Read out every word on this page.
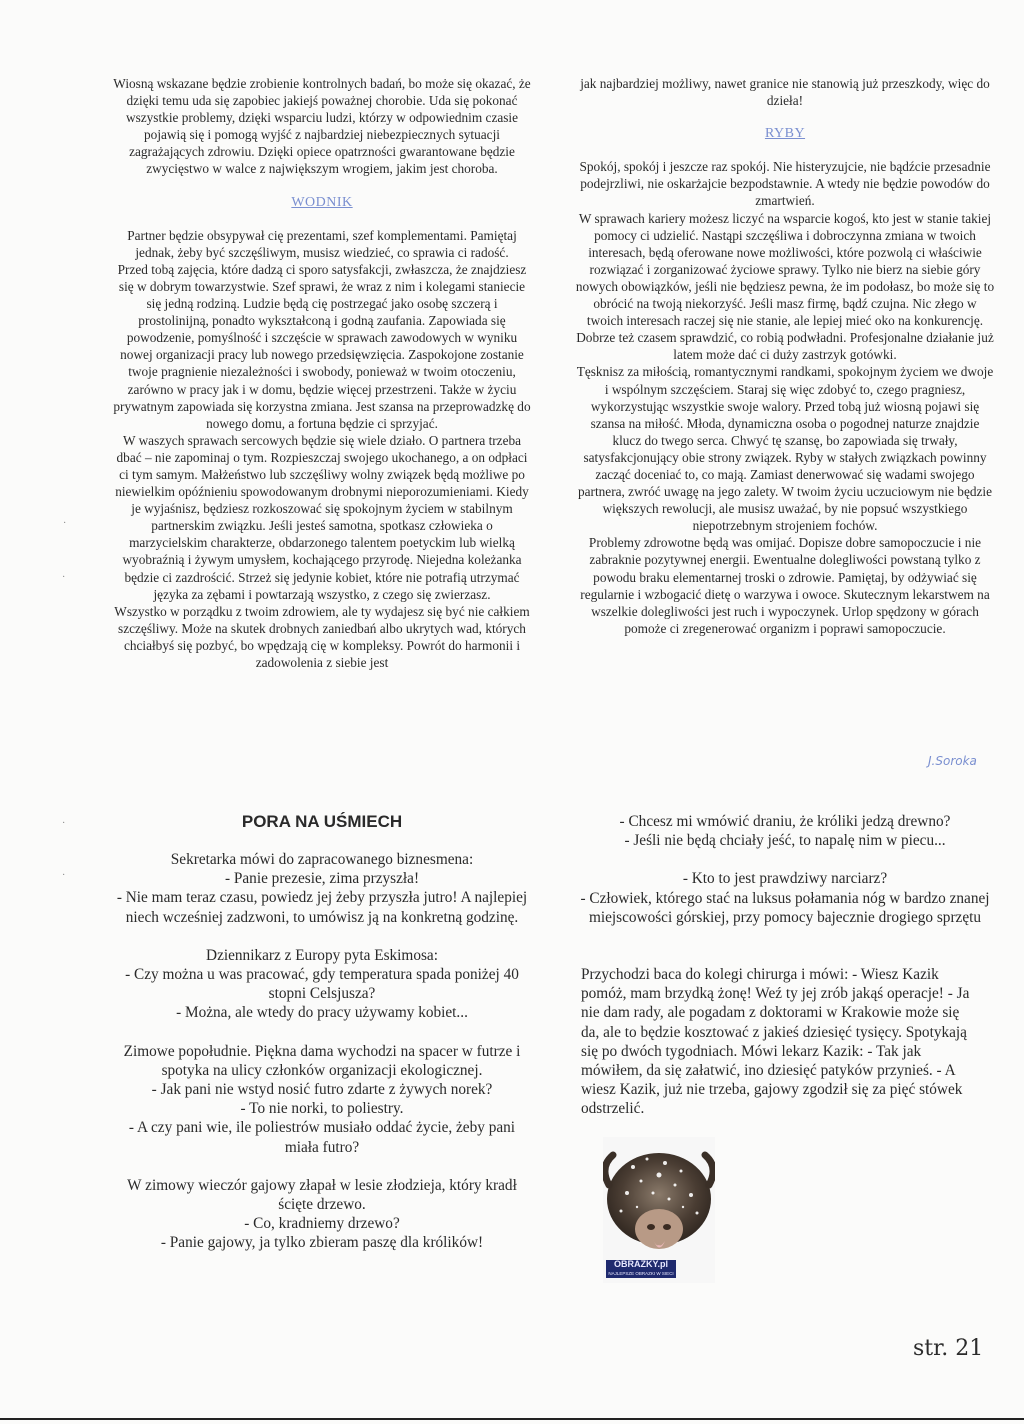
Wiosną wskazane będzie zrobienie kontrolnych badań, bo może się okazać, że dzięki temu uda się zapobiec jakiejś poważnej chorobie. Uda się pokonać wszystkie problemy, dzięki wsparciu ludzi, którzy w odpowiednim czasie pojawią się i pomogą wyjść z najbardziej niebezpiecznych sytuacji zagrażających zdrowiu. Dzięki opiece opatrzności gwarantowane będzie zwycięstwo w walce z największym wrogiem, jakim jest choroba.

WODNIK

Partner będzie obsypywał cię prezentami, szef komplementami. Pamiętaj jednak, żeby być szczęśliwym, musisz wiedzieć, co sprawia ci radość.

Przed tobą zajęcia, które dadzą ci sporo satysfakcji, zwłaszcza, że znajdziesz się w dobrym towarzystwie. Szef sprawi, że wraz z nim i kolegami staniecie się jedną rodziną. Ludzie będą cię postrzegać jako osobę szczerą i prostolinijną, ponadto wykształconą i godną zaufania. Zapowiada się powodzenie, pomyślność i szczęście w sprawach zawodowych w wyniku nowej organizacji pracy lub nowego przedsięwzięcia. Zaspokojone zostanie twoje pragnienie niezależności i swobody, ponieważ w twoim otoczeniu, zarówno w pracy jak i w domu, będzie więcej przestrzeni. Także w życiu prywatnym zapowiada się korzystna zmiana. Jest szansa na przeprowadzkę do nowego domu, a fortuna będzie ci sprzyjać.

W waszych sprawach sercowych będzie się wiele działo. O partnera trzeba dbać – nie zapominaj o tym. Rozpieszczaj swojego ukochanego, a on odpłaci ci tym samym. Małżeństwo lub szczęśliwy wolny związek będą możliwe po niewielkim opóźnieniu spowodowanym drobnymi nieporozumieniami. Kiedy je wyjaśnisz, będziesz rozkoszować się spokojnym życiem w stabilnym partnerskim związku. Jeśli jesteś samotna, spotkasz człowieka o marzycielskim charakterze, obdarzonego talentem poetyckim lub wielką wyobraźnią i żywym umysłem, kochającego przyrodę. Niejedna koleżanka będzie ci zazdrościć. Strzeż się jedynie kobiet, które nie potrafią utrzymać języka za zębami i powtarzają wszystko, z czego się zwierzasz.

Wszystko w porządku z twoim zdrowiem, ale ty wydajesz się być nie całkiem szczęśliwy. Może na skutek drobnych zaniedbań albo ukrytych wad, których chciałbyś się pozbyć, bo wpędzają cię w kompleksy. Powrót do harmonii i zadowolenia z siebie jest

jak najbardziej możliwy, nawet granice nie stanowią już przeszkody, więc do dzieła!

RYBY

Spokój, spokój i jeszcze raz spokój. Nie histeryzujcie, nie bądźcie przesadnie podejrzliwi, nie oskarżajcie bezpodstawnie. A wtedy nie będzie powodów do zmartwień.

W sprawach kariery możesz liczyć na wsparcie kogoś, kto jest w stanie takiej pomocy ci udzielić. Nastąpi szczęśliwa i dobroczynna zmiana w twoich interesach, będą oferowane nowe możliwości, które pozwolą ci właściwie rozwiązać i zorganizować życiowe sprawy. Tylko nie bierz na siebie góry nowych obowiązków, jeśli nie będziesz pewna, że im podołasz, bo może się to obrócić na twoją niekorzyść. Jeśli masz firmę, bądź czujna. Nic złego w twoich interesach raczej się nie stanie, ale lepiej mieć oko na konkurencję. Dobrze też czasem sprawdzić, co robią podwładni. Profesjonalne działanie już latem może dać ci duży zastrzyk gotówki.

Tęsknisz za miłością, romantycznymi randkami, spokojnym życiem we dwoje i wspólnym szczęściem. Staraj się więc zdobyć to, czego pragniesz, wykorzystując wszystkie swoje walory. Przed tobą już wiosną pojawi się szansa na miłość. Młoda, dynamiczna osoba o pogodnej naturze znajdzie klucz do twego serca. Chwyć tę szansę, bo zapowiada się trwały, satysfakcjonujący obie strony związek. Ryby w stałych związkach powinny zacząć doceniać to, co mają. Zamiast denerwować się wadami swojego partnera, zwróć uwagę na jego zalety. W twoim życiu uczuciowym nie będzie większych rewolucji, ale musisz uważać, by nie popsuć wszystkiego niepotrzebnym strojeniem fochów.

Problemy zdrowotne będą was omijać. Dopisze dobre samopoczucie i nie zabraknie pozytywnej energii. Ewentualne dolegliwości powstaną tylko z powodu braku elementarnej troski o zdrowie. Pamiętaj, by odżywiać się regularnie i wzbogacić dietę o warzywa i owoce. Skutecznym lekarstwem na wszelkie dolegliwości jest ruch i wypoczynek. Urlop spędzony w górach pomoże ci zregenerować organizm i poprawi samopoczucie.

J.Soroka
PORA NA UŚMIECH

Sekretarka mówi do zapracowanego biznesmena:

- Panie prezesie, zima przyszła!

- Nie mam teraz czasu, powiedz jej żeby przyszła jutro! A najlepiej niech wcześniej zadzwoni, to umówisz ją na konkretną godzinę.

Dziennikarz z Europy pyta Eskimosa:

- Czy można u was pracować, gdy temperatura spada poniżej 40 stopni Celsjusza?

- Można, ale wtedy do pracy używamy kobiet...

Zimowe popołudnie. Piękna dama wychodzi na spacer w futrze i spotyka na ulicy członków organizacji ekologicznej.

- Jak pani nie wstyd nosić futro zdarte z żywych norek?

- To nie norki, to poliestry.

- A czy pani wie, ile poliestrów musiało oddać życie, żeby pani miała futro?

W zimowy wieczór gajowy złapał w lesie złodzieja, który kradł ścięte drzewo.

- Co, kradniemy drzewo?

- Panie gajowy, ja tylko zbieram paszę dla królików!

- Chcesz mi wmówić draniu, że króliki jedzą drewno?

- Jeśli nie będą chciały jeść, to napalę nim w piecu...

- Kto to jest prawdziwy narciarz?

- Człowiek, którego stać na luksus połamania nóg w bardzo znanej miejscowości górskiej, przy pomocy bajecznie drogiego sprzętu

Przychodzi baca do kolegi chirurga i mówi: - Wiesz Kazik pomóż, mam brzydką żonę! Weź ty jej zrób jakąś operacje! - Ja nie dam rady, ale pogadam z doktorami w Krakowie może się da, ale to będzie kosztować z jakieś dziesięć tysięcy. Spotykają się po dwóch tygodniach. Mówi lekarz Kazik: - Tak jak mówiłem, da się załatwić, ino dziesięć patyków przynieś. - A wiesz Kazik, już nie trzeba, gajowy zgodził się za pięć stówek odstrzelić.

OBRAZKY.pl
NAJLEPSZE OBRAZKI W SIECI
str. 21
·
·
·
·
